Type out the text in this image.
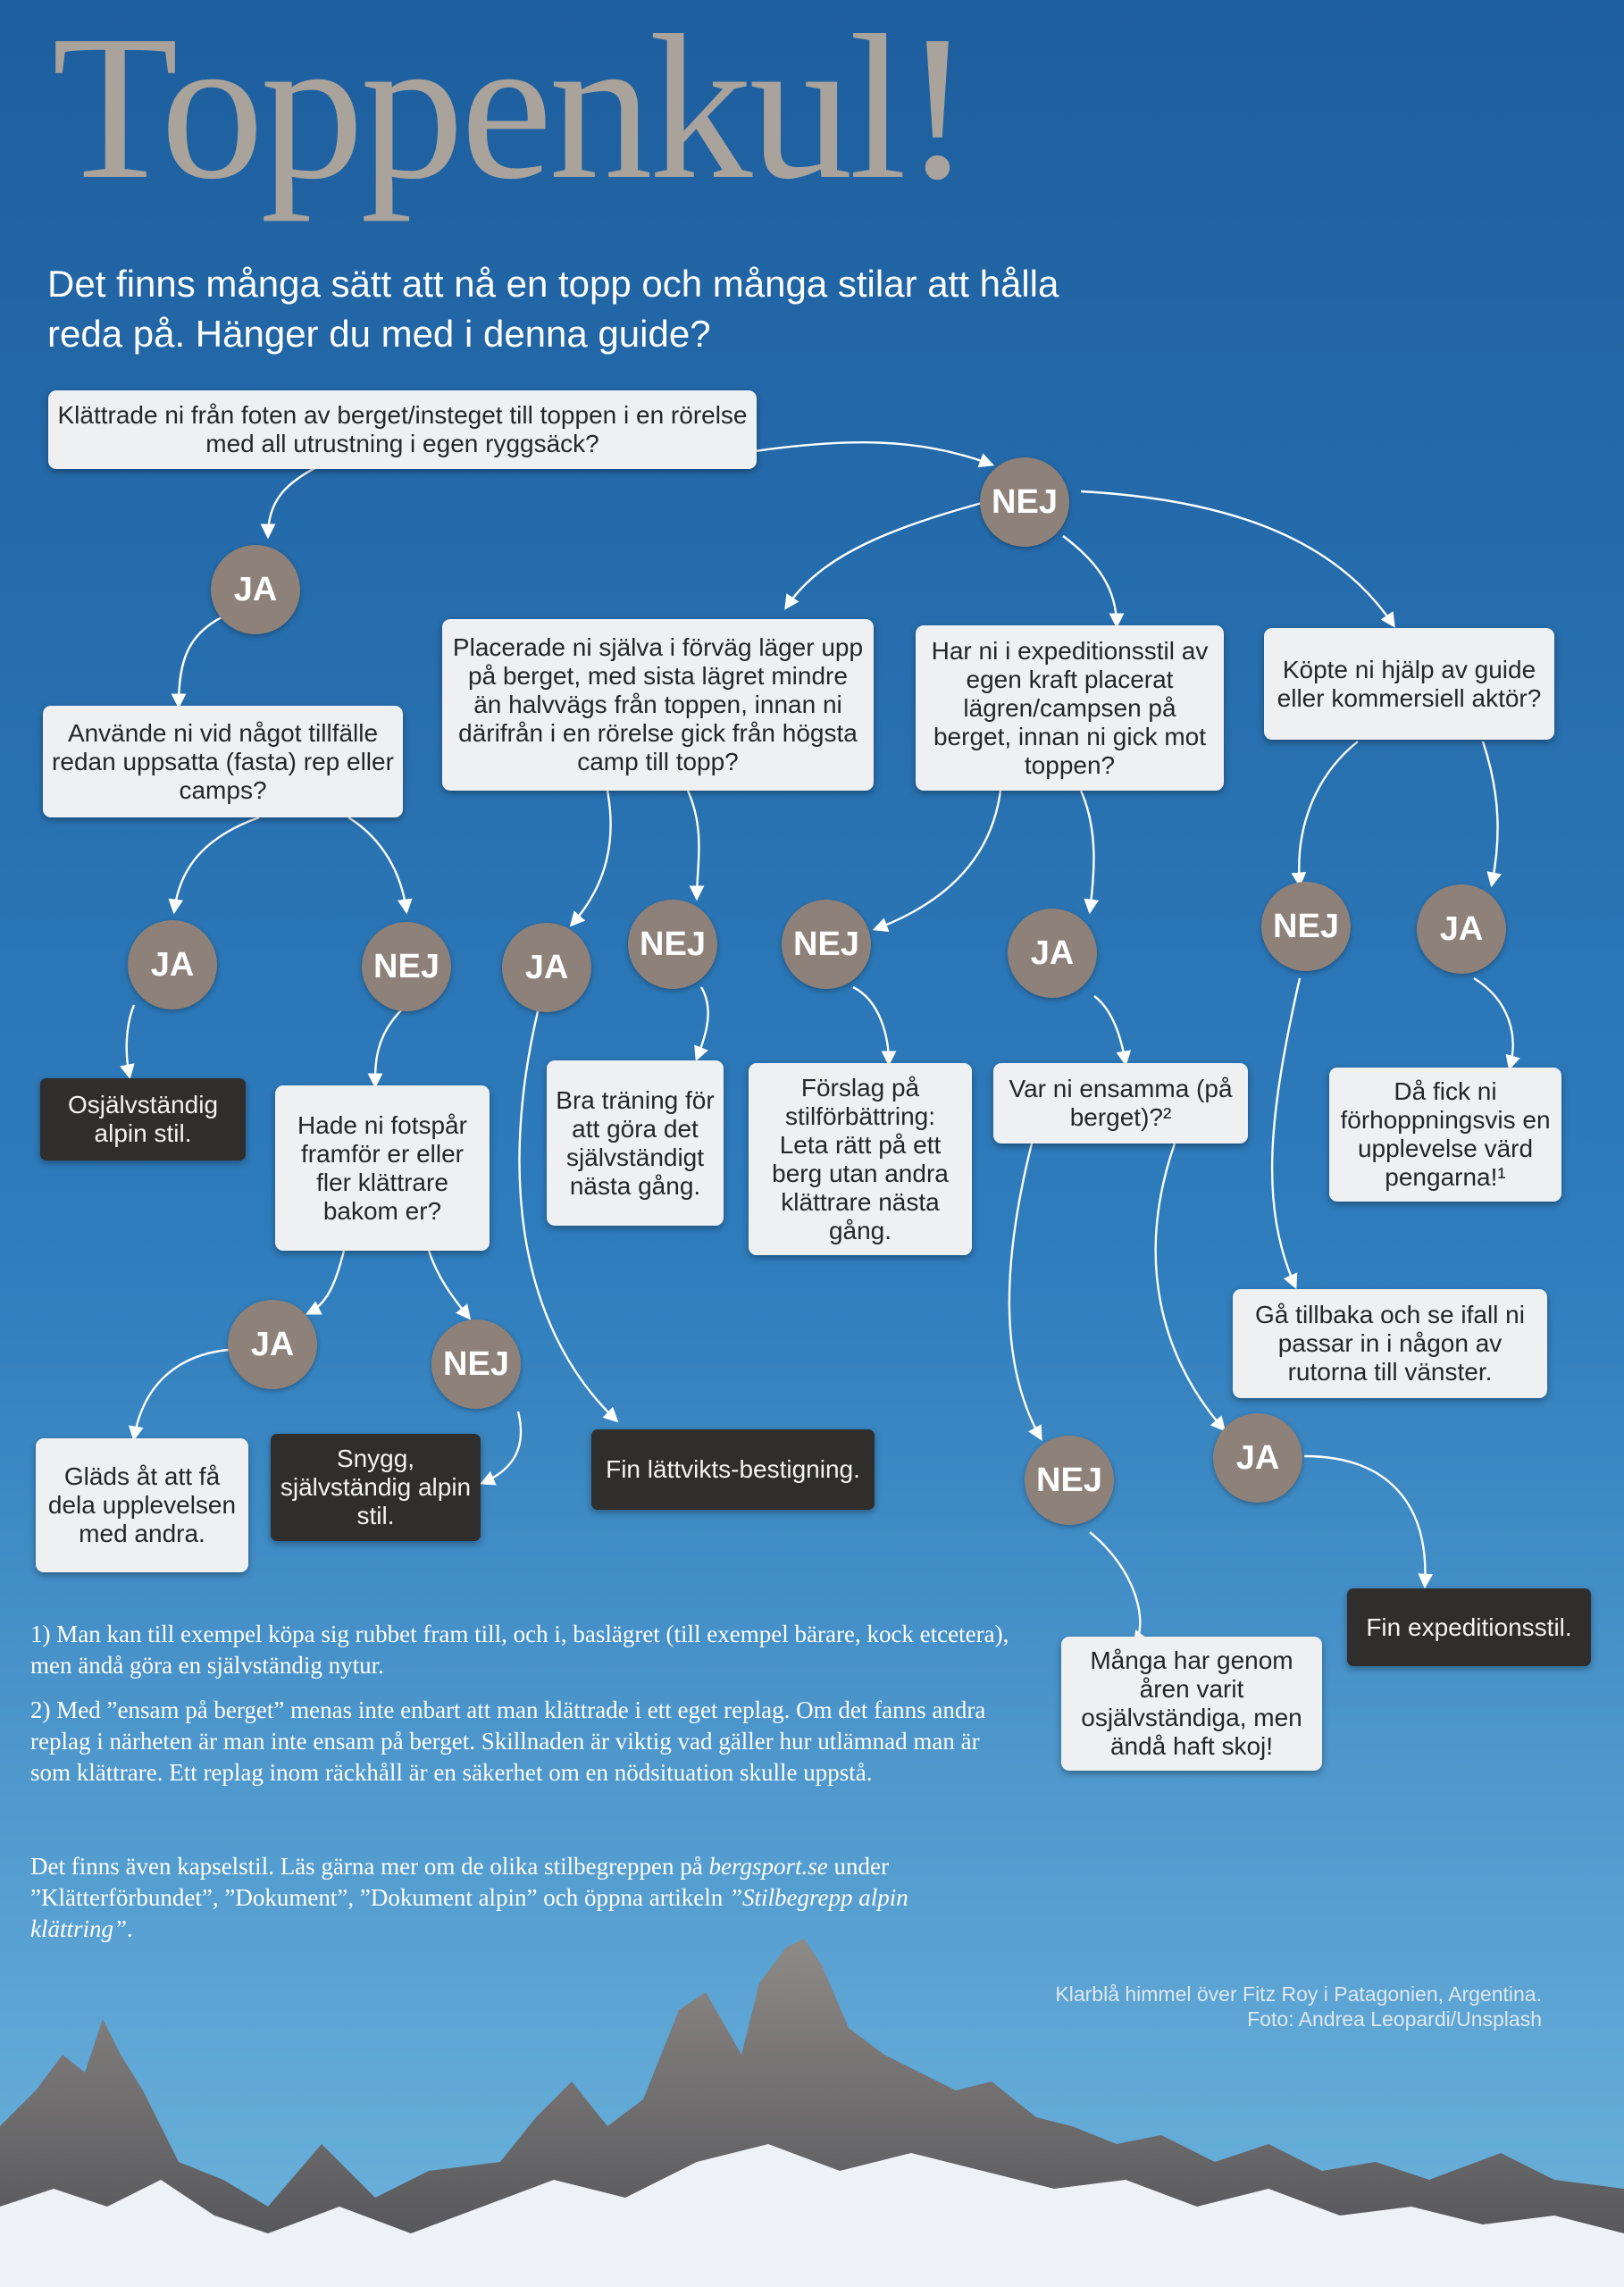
Toppenkul!

Det finns många sätt att nå en topp och många stilar att hålla reda på. Hänger du med i denna guide?

Klättrade ni från foten av berget/insteget till toppen i en rörelse med all utrustning i egen ryggsäck?
Använde ni vid något tillfälle redan uppsatta (fasta) rep eller camps?
Placerade ni själva i förväg läger upp på berget, med sista lägret mindre än halvvägs från toppen, innan ni därifrån i en rörelse gick från högsta camp till topp?
Har ni i expeditionsstil av egen kraft placerat lägren/campsen på berget, innan ni gick mot toppen?
Köpte ni hjälp av guide eller kommersiell aktör?
Hade ni fotspår framför er eller fler klättrare bakom er?
Var ni ensamma (på berget)?²
Bra träning för att göra det självständigt nästa gång.
Förslag på stilförbättring: Leta rätt på ett berg utan andra klättrare nästa gång.
Då fick ni förhoppningsvis en upplevelse värd pengarna!¹
Gå tillbaka och se ifall ni passar in i någon av rutorna till vänster.
Gläds åt att få dela upplevelsen med andra.
Många har genom åren varit osjälvständiga, men ändå haft skoj!
Osjälvständig alpin stil.
Snygg, självständig alpin stil.
Fin lättvikts-bestigning.
Fin expeditionsstil.
NEJ
JA
JA	NEJ	JA
NEJ	NEJ	JA
NEJ	JA
JA
NEJ
NEJ
JA

1) Man kan till exempel köpa sig rubbet fram till, och i, baslägret (till exempel bärare, kock etcetera), men ändå göra en självständig nytur.

2) Med ”ensam på berget” menas inte enbart att man klättrade i ett eget replag. Om det fanns andra replag i närheten är man inte ensam på berget. Skillnaden är viktig vad gäller hur utlämnad man är som klättrare. Ett replag inom räckhåll är en säkerhet om en nödsituation skulle uppstå.

Det finns även kapselstil. Läs gärna mer om de olika stilbegreppen på bergsport.se under ”Klätterförbundet”, ”Dokument”, ”Dokument alpin” och öppna artikeln ”Stilbegrepp alpin klättring”.

Klarblå himmel över Fitz Roy i Patagonien, Argentina. Foto: Andrea Leopardi/Unsplash
